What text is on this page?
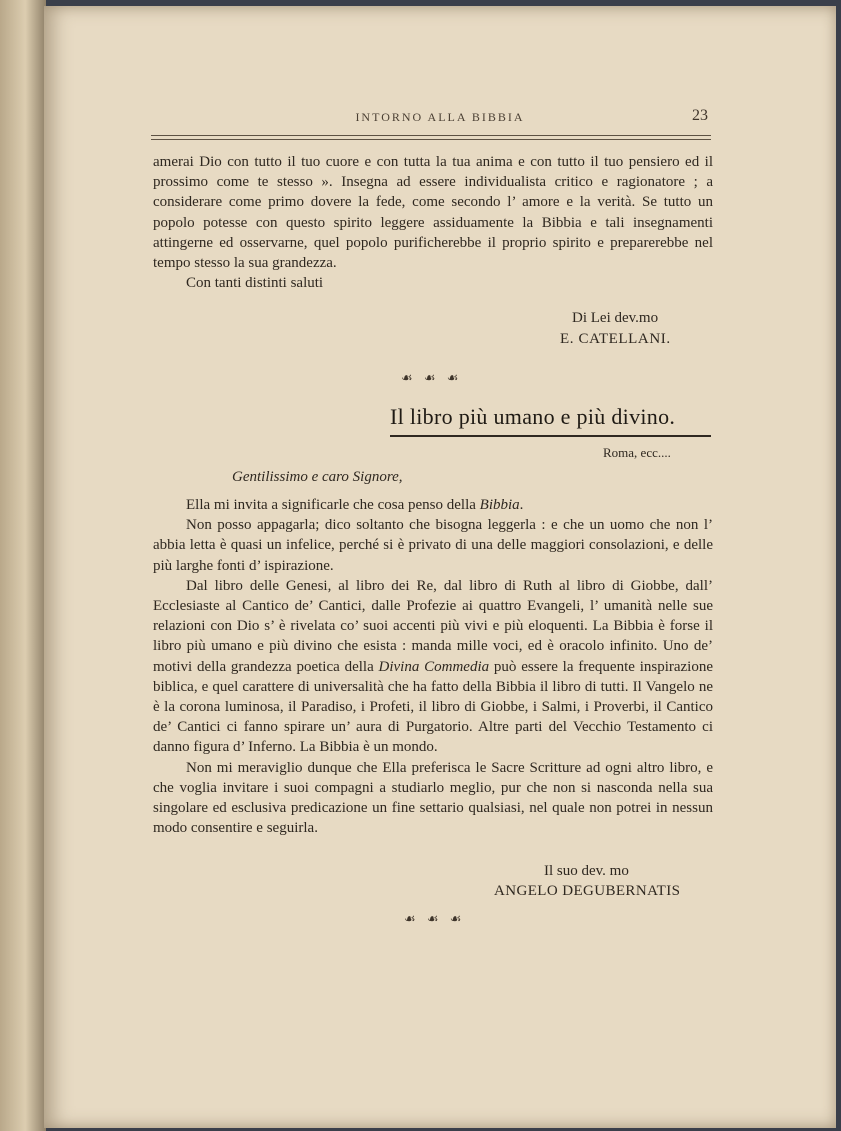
INTORNO ALLA BIBBIA	23

amerai Dio con tutto il tuo cuore e con tutta la tua anima e con tutto il tuo pensiero ed il prossimo come te stesso ». Insegna ad essere individualista critico e ragionatore ; a considerare come primo dovere la fede, come secondo l’ amore e la verità. Se tutto un popolo potesse con questo spirito leggere assiduamente la Bibbia e tali insegnamenti attingerne ed osservarne, quel popolo purificherebbe il proprio spirito e preparerebbe nel tempo stesso la sua grandezza.

Con tanti distinti saluti

Di Lei dev.mo
E. CATELLANI.
☙ ☙ ☙
Il libro più umano e più divino.
Roma, ecc....
Gentilissimo e caro Signore,

Ella mi invita a significarle che cosa penso della Bibbia.

Non posso appagarla; dico soltanto che bisogna leggerla : e che un uomo che non l’ abbia letta è quasi un infelice, perché si è privato di una delle maggiori consolazioni, e delle più larghe fonti d’ ispirazione.

Dal libro delle Genesi, al libro dei Re, dal libro di Ruth al libro di Giobbe, dall’ Ecclesiaste al Cantico de’ Cantici, dalle Profezie ai quattro Evangeli, l’ umanità nelle sue relazioni con Dio s’ è rivelata co’ suoi accenti più vivi e più eloquenti. La Bibbia è forse il libro più umano e più divino che esista : manda mille voci, ed è oracolo infinito. Uno de’ motivi della grandezza poetica della Divina Commedia può essere la frequente inspirazione biblica, e quel carattere di universalità che ha fatto della Bibbia il libro di tutti. Il Vangelo ne è la corona luminosa, il Paradiso, i Profeti, il libro di Giobbe, i Salmi, i Proverbi, il Cantico de’ Cantici ci fanno spirare un’ aura di Purgatorio. Altre parti del Vecchio Testamento ci danno figura d’ Inferno. La Bibbia è un mondo.

Non mi meraviglio dunque che Ella preferisca le Sacre Scritture ad ogni altro libro, e che voglia invitare i suoi compagni a studiarlo meglio, pur che non si nasconda nella sua singolare ed esclusiva predicazione un fine settario qualsiasi, nel quale non potrei in nessun modo consentire e seguirla.

Il suo dev. mo
ANGELO DEGUBERNATIS
☙ ☙ ☙
